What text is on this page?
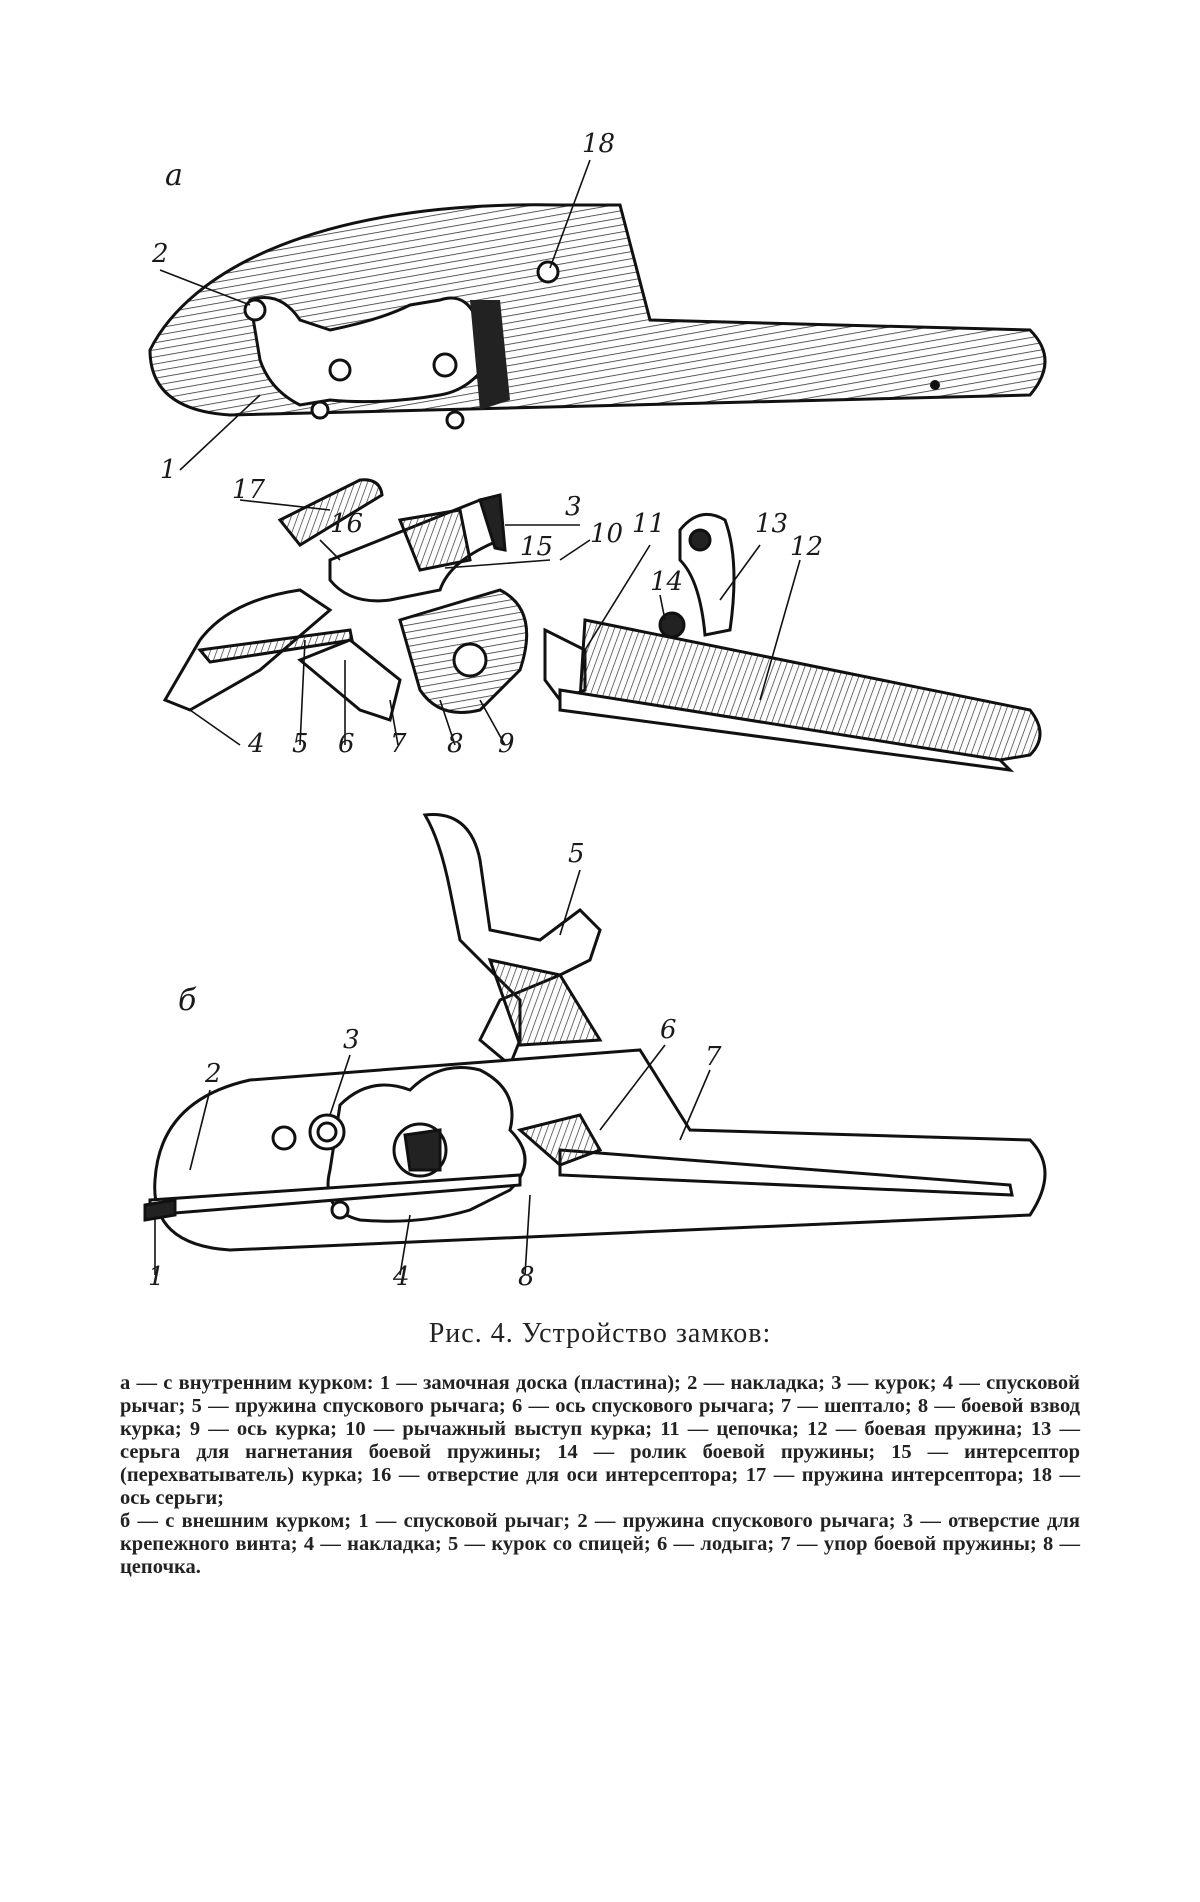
а
2
1
18
17
16
3
10 11	13
15
14
12
4 5 6 7 8 9
б
5
2
3	6
7
1	4	8
Рис. 4. Устройство замков:

а — с внутренним курком: 1 — замочная доска (пластина); 2 — накладка; 3 — курок; 4 — спусковой рычаг; 5 — пружина спускового рычага; 6 — ось спускового рычага; 7 — шептало; 8 — боевой взвод курка; 9 — ось курка; 10 — рычажный выступ курка; 11 — цепочка; 12 — боевая пружина; 13 — серьга для нагнетания боевой пружины; 14 — ролик боевой пружины; 15 — интерсептор (перехватыватель) курка; 16 — отверстие для оси интерсептора; 17 — пружина интерсептора; 18 — ось серьги;

б — с внешним курком; 1 — спусковой рычаг; 2 — пружина спускового рычага; 3 — отверстие для крепежного винта; 4 — накладка; 5 — курок со спицей; 6 — лодыга; 7 — упор боевой пружины; 8 — цепочка.
